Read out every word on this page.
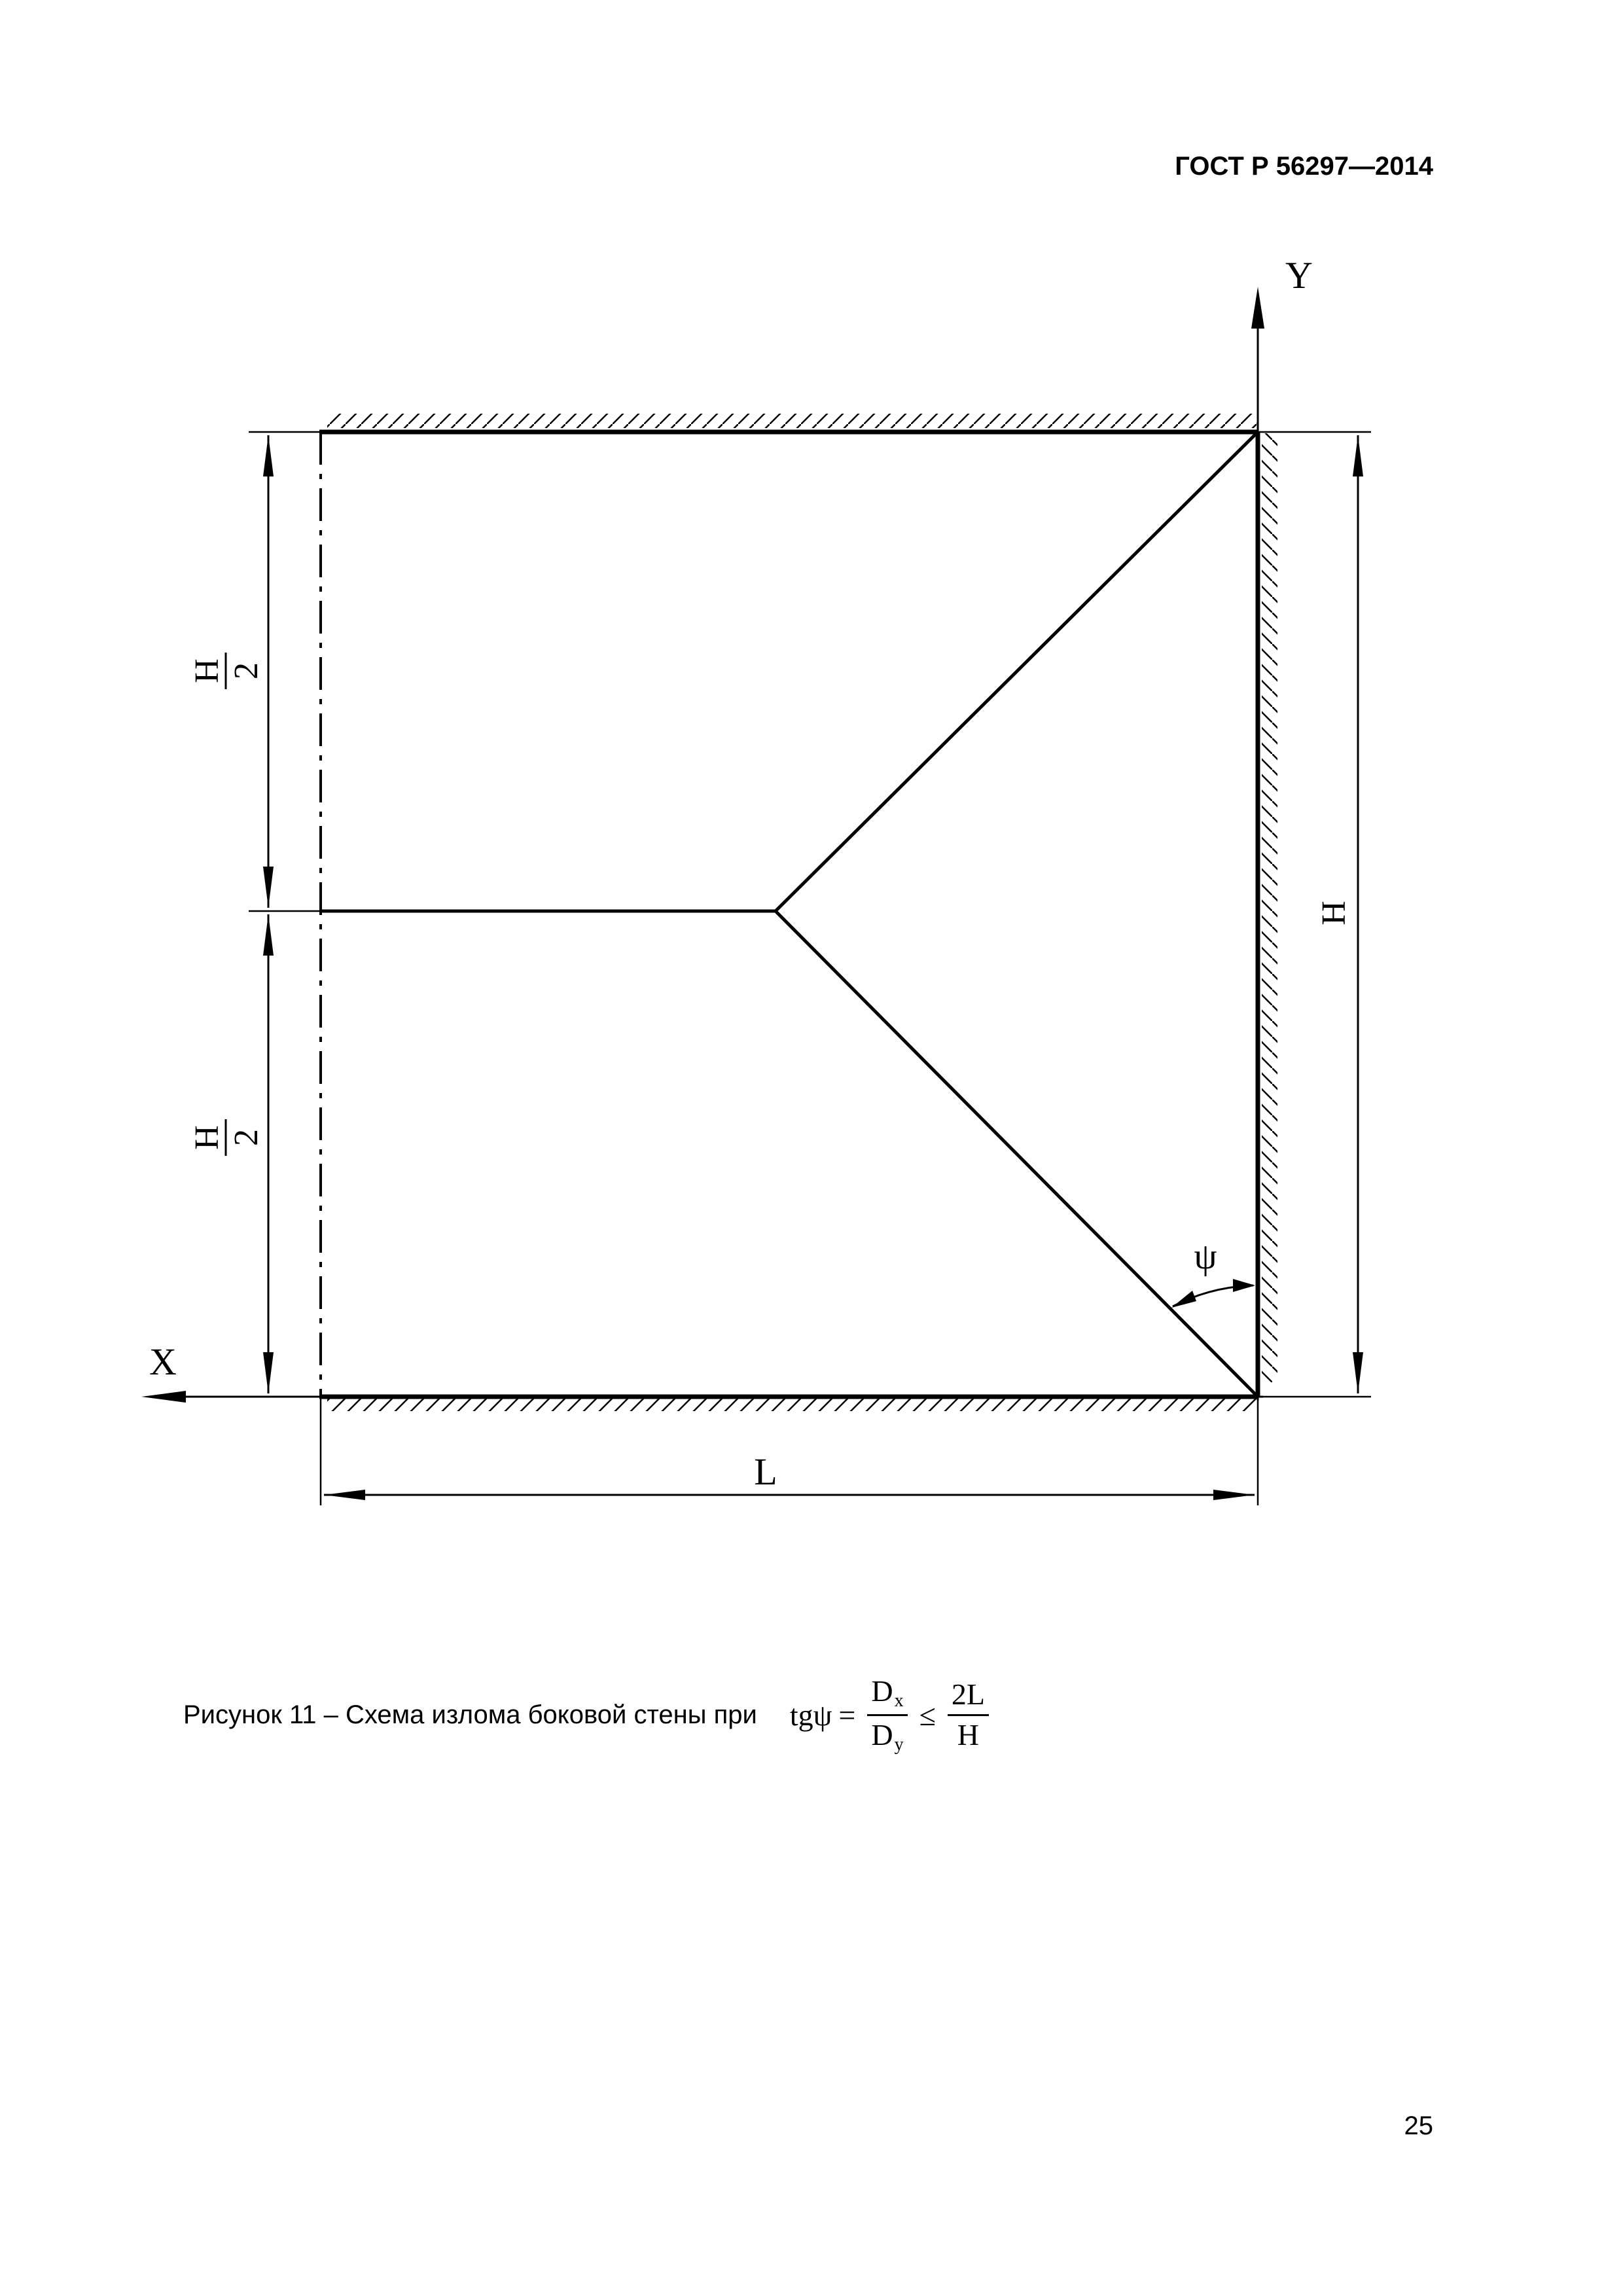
ГОСТ Р 56297—2014
Y
X
H 2
H 2
H
L
ψ
Рисунок 11 – Схема излома боковой стены при $tg\psi = \frac{D_x}{D_y} \le \frac{2L}{H}$
25
